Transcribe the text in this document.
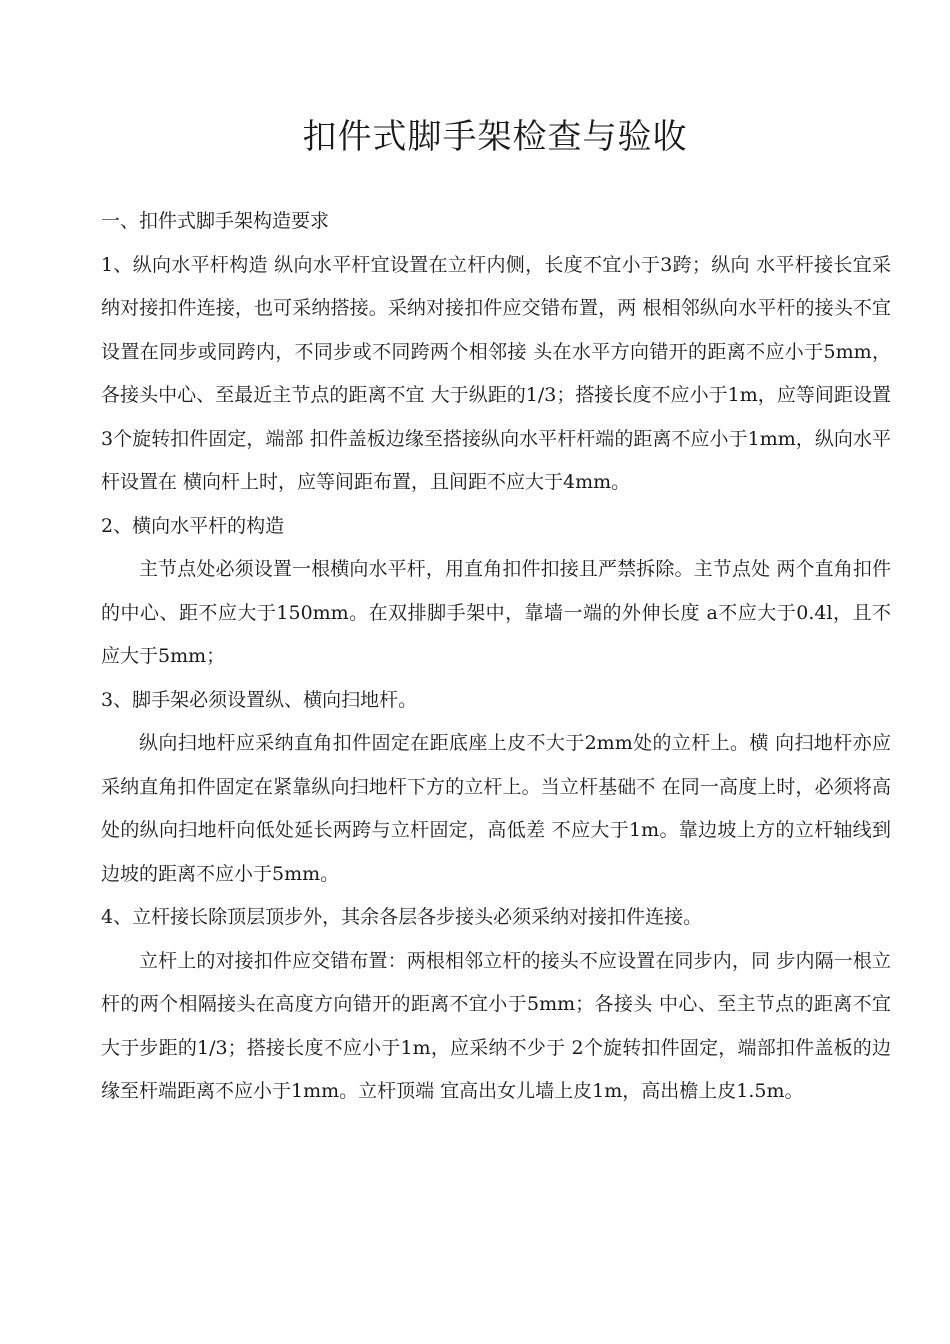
扣件式脚手架检查与验收

一、扣件式脚手架构造要求

1、纵向水平杆构造 纵向水平杆宜设置在立杆内侧，长度不宜小于3跨；纵向 水平杆接长宜采纳对接扣件连接，也可采纳搭接。采纳对接扣件应交错布置，两 根相邻纵向水平杆的接头不宜设置在同步或同跨内，不同步或不同跨两个相邻接 头在水平方向错开的距离不应小于5mm，各接头中心、至最近主节点的距离不宜 大于纵距的1/3；搭接长度不应小于1m，应等间距设置3个旋转扣件固定，端部 扣件盖板边缘至搭接纵向水平杆杆端的距离不应小于1mm，纵向水平杆设置在 横向杆上时，应等间距布置，且间距不应大于4mm。

2、横向水平杆的构造

主节点处必须设置一根横向水平杆，用直角扣件扣接且严禁拆除。主节点处 两个直角扣件的中心、距不应大于150mm。在双排脚手架中，靠墙一端的外伸长度 a不应大于0.4l，且不应大于5mm；

3、脚手架必须设置纵、横向扫地杆。

纵向扫地杆应采纳直角扣件固定在距底座上皮不大于2mm处的立杆上。横 向扫地杆亦应采纳直角扣件固定在紧靠纵向扫地杆下方的立杆上。当立杆基础不 在同一高度上时，必须将高处的纵向扫地杆向低处延长两跨与立杆固定，高低差 不应大于1m。靠边坡上方的立杆轴线到边坡的距离不应小于5mm。

4、立杆接长除顶层顶步外，其余各层各步接头必须采纳对接扣件连接。

立杆上的对接扣件应交错布置：两根相邻立杆的接头不应设置在同步内，同 步内隔一根立杆的两个相隔接头在高度方向错开的距离不宜小于5mm；各接头 中心、至主节点的距离不宜大于步距的1/3；搭接长度不应小于1m，应采纳不少于 2个旋转扣件固定，端部扣件盖板的边缘至杆端距离不应小于1mm。立杆顶端 宜高出女儿墙上皮1m，高出檐上皮1.5m。
